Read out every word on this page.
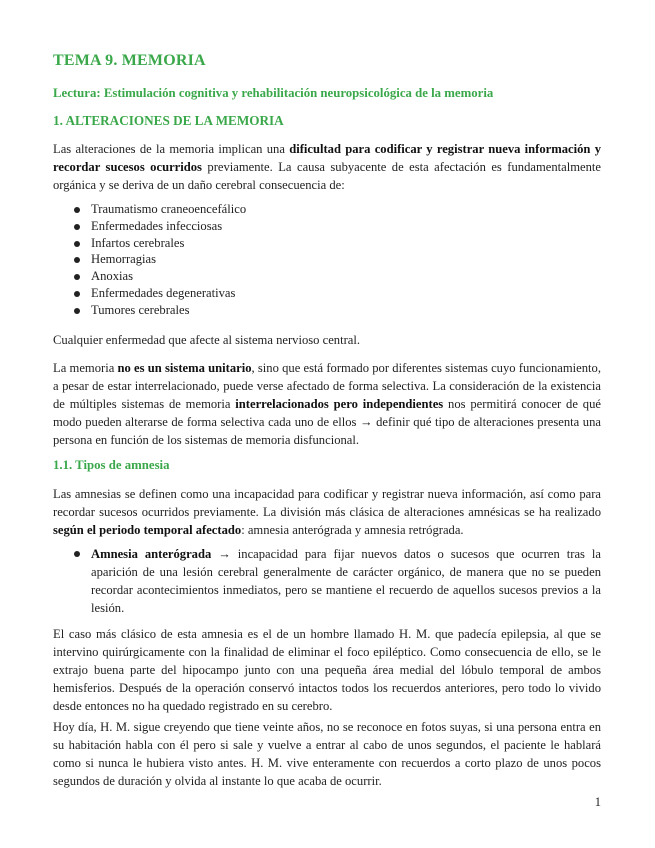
TEMA 9. MEMORIA
Lectura: Estimulación cognitiva y rehabilitación neuropsicológica de la memoria
1. ALTERACIONES DE LA MEMORIA

Las alteraciones de la memoria implican una dificultad para codificar y registrar nueva información y recordar sucesos ocurridos previamente. La causa subyacente de esta afectación es fundamentalmente orgánica y se deriva de un daño cerebral consecuencia de:

Traumatismo craneoencefálico
Enfermedades infecciosas
Infartos cerebrales
Hemorragias
Anoxias
Enfermedades degenerativas
Tumores cerebrales

Cualquier enfermedad que afecte al sistema nervioso central.

La memoria no es un sistema unitario, sino que está formado por diferentes sistemas cuyo funcionamiento, a pesar de estar interrelacionado, puede verse afectado de forma selectiva. La consideración de la existencia de múltiples sistemas de memoria interrelacionados pero independientes nos permitirá conocer de qué modo pueden alterarse de forma selectiva cada uno de ellos → definir qué tipo de alteraciones presenta una persona en función de los sistemas de memoria disfuncional.

1.1. Tipos de amnesia

Las amnesias se definen como una incapacidad para codificar y registrar nueva información, así como para recordar sucesos ocurridos previamente. La división más clásica de alteraciones amnésicas se ha realizado según el periodo temporal afectado: amnesia anterógrada y amnesia retrógrada.

Amnesia anterógrada → incapacidad para fijar nuevos datos o sucesos que ocurren tras la aparición de una lesión cerebral generalmente de carácter orgánico, de manera que no se pueden recordar acontecimientos inmediatos, pero se mantiene el recuerdo de aquellos sucesos previos a la lesión.

El caso más clásico de esta amnesia es el de un hombre llamado H. M. que padecía epilepsia, al que se intervino quirúrgicamente con la finalidad de eliminar el foco epiléptico. Como consecuencia de ello, se le extrajo buena parte del hipocampo junto con una pequeña área medial del lóbulo temporal de ambos hemisferios. Después de la operación conservó intactos todos los recuerdos anteriores, pero todo lo vivido desde entonces no ha quedado registrado en su cerebro.

Hoy día, H. M. sigue creyendo que tiene veinte años, no se reconoce en fotos suyas, si una persona entra en su habitación habla con él pero si sale y vuelve a entrar al cabo de unos segundos, el paciente le hablará como si nunca le hubiera visto antes. H. M. vive enteramente con recuerdos a corto plazo de unos pocos segundos de duración y olvida al instante lo que acaba de ocurrir.

1
